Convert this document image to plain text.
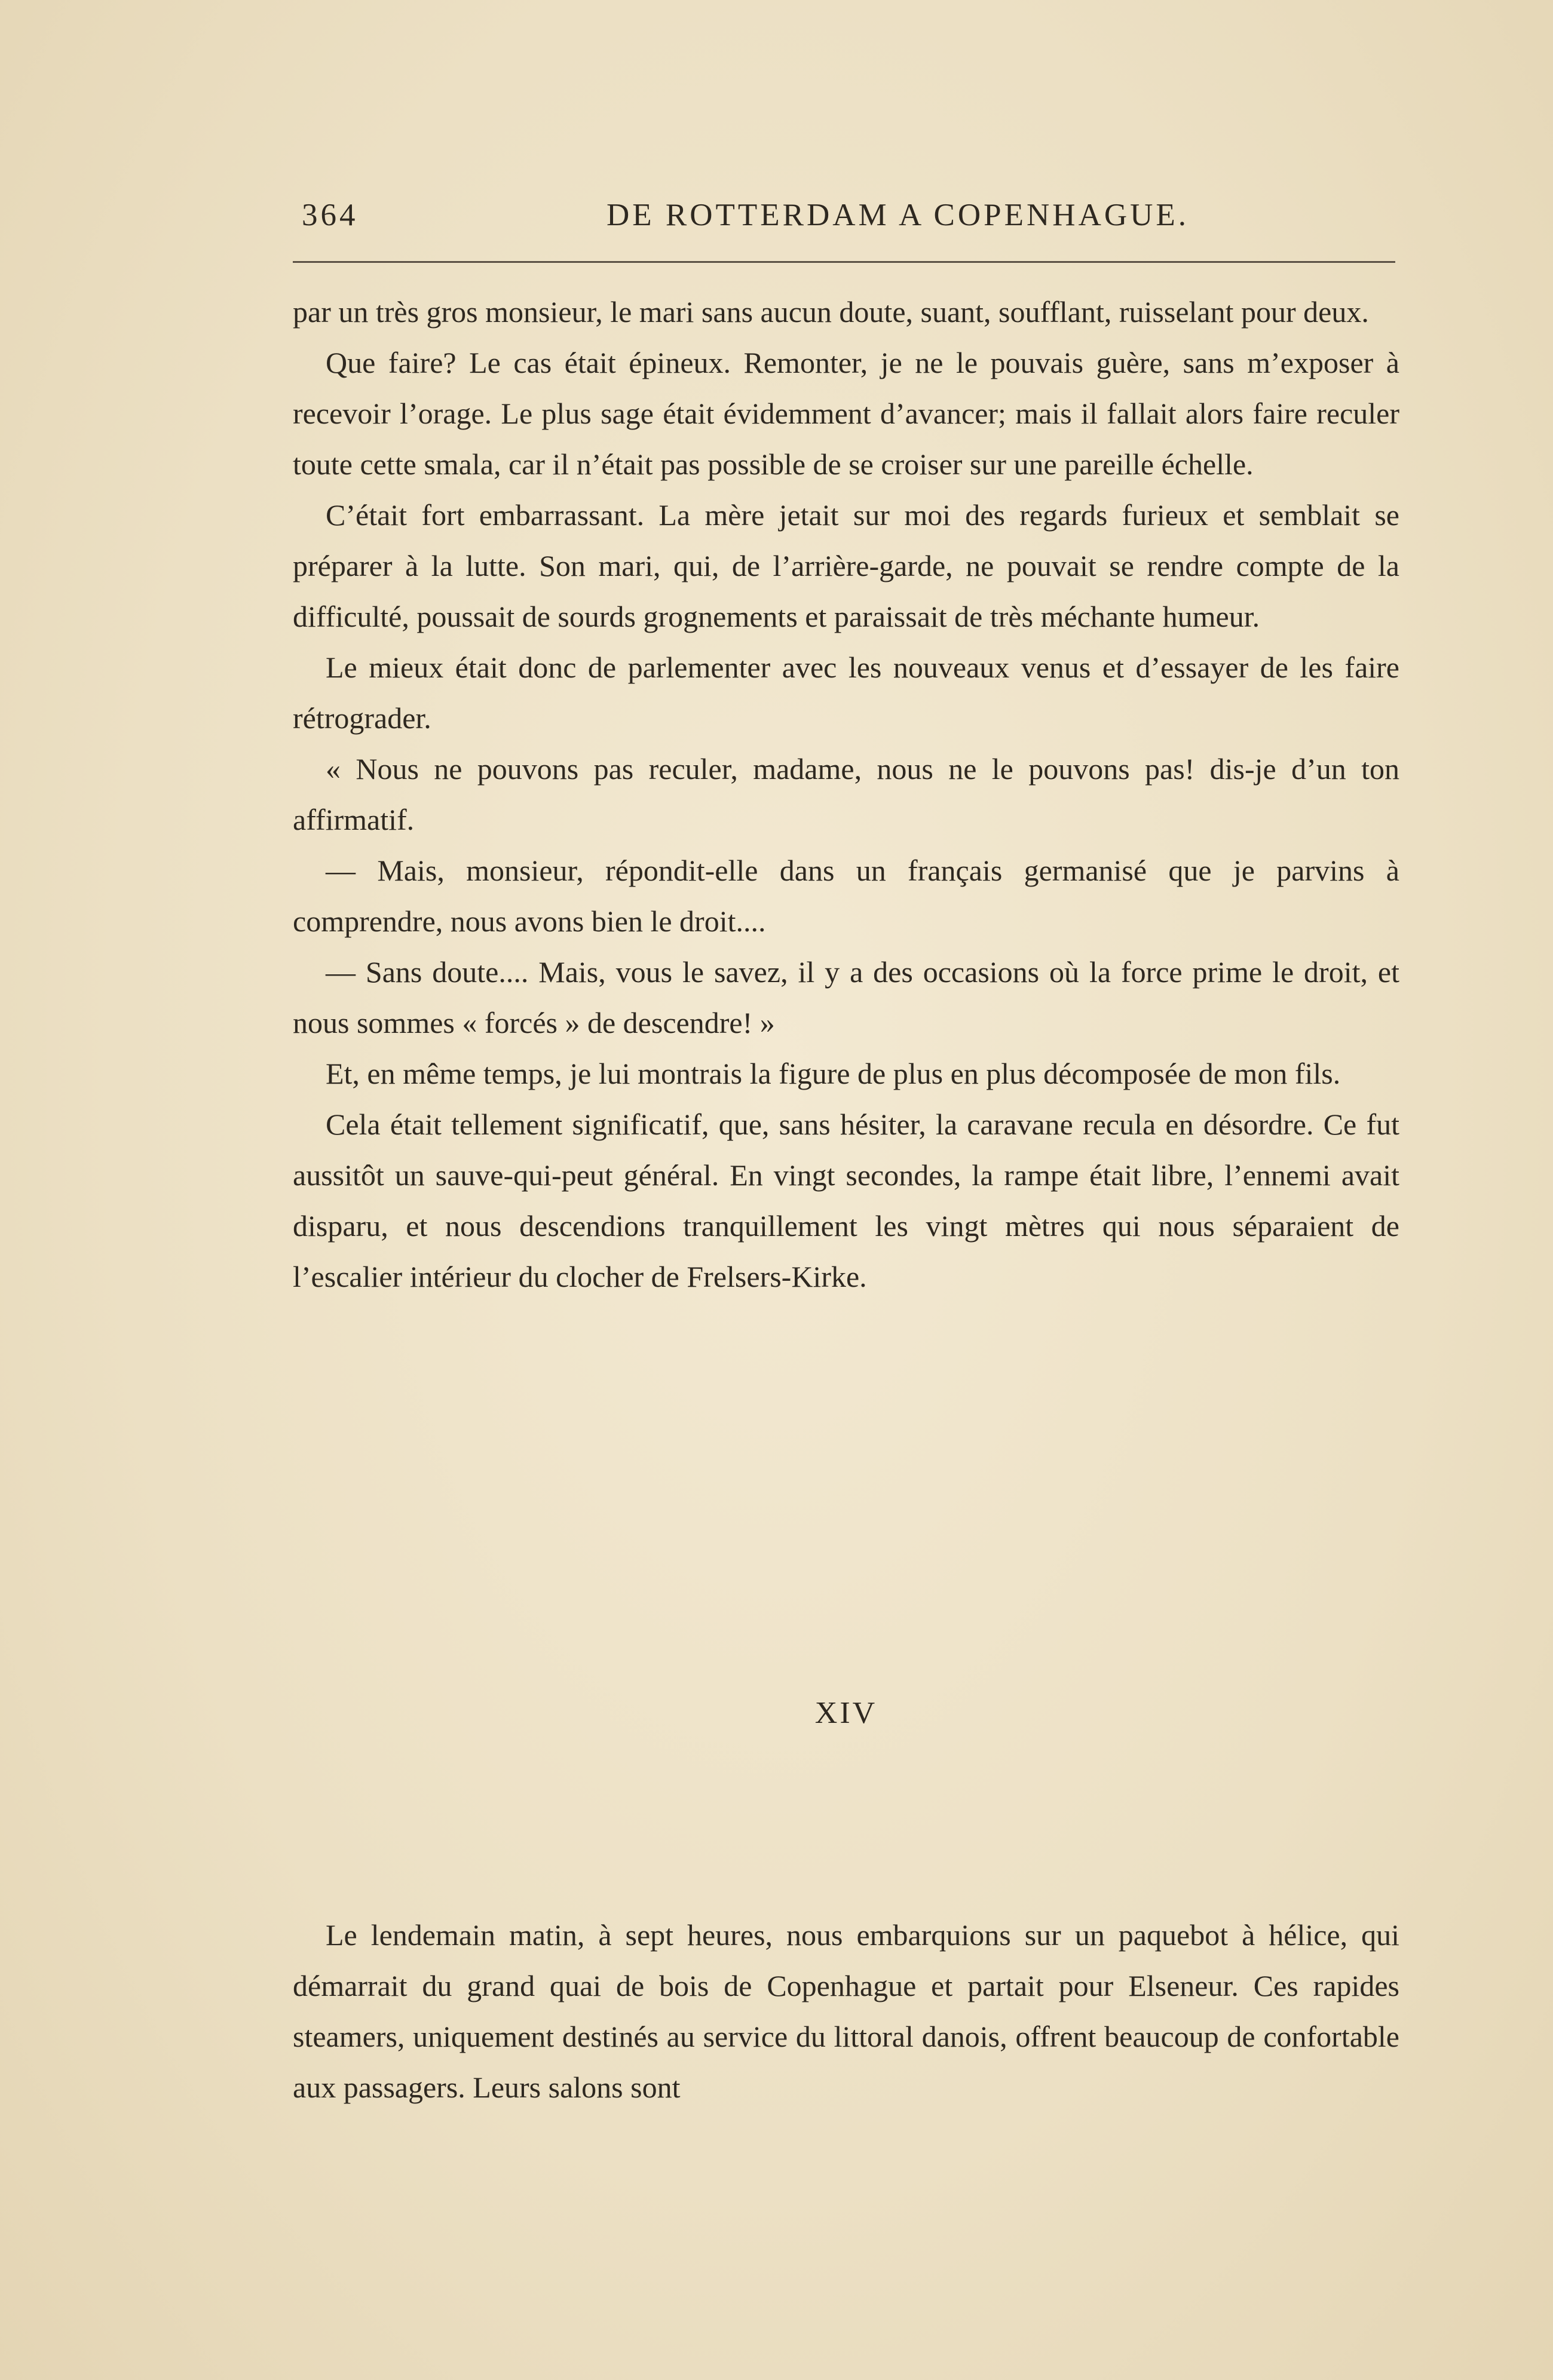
364	DE ROTTERDAM A COPENHAGUE.

par un très gros monsieur, le mari sans aucun doute, suant, soufflant, ruisselant pour deux.

Que faire? Le cas était épineux. Remonter, je ne le pouvais guère, sans m’exposer à recevoir l’orage. Le plus sage était évidemment d’avancer; mais il fallait alors faire reculer toute cette smala, car il n’était pas possible de se croiser sur une pareille échelle.

C’était fort embarrassant. La mère jetait sur moi des regards furieux et semblait se préparer à la lutte. Son mari, qui, de l’arrière-garde, ne pouvait se rendre compte de la difficulté, poussait de sourds grognements et paraissait de très méchante humeur.

Le mieux était donc de parlementer avec les nouveaux venus et d’essayer de les faire rétrograder.

« Nous ne pouvons pas reculer, madame, nous ne le pouvons pas! dis-je d’un ton affirmatif.

— Mais, monsieur, répondit-elle dans un français germanisé que je parvins à comprendre, nous avons bien le droit....

— Sans doute.... Mais, vous le savez, il y a des occasions où la force prime le droit, et nous sommes « forcés » de descendre! »

Et, en même temps, je lui montrais la figure de plus en plus décomposée de mon fils.

Cela était tellement significatif, que, sans hésiter, la caravane recula en désordre. Ce fut aussitôt un sauve-qui-peut général. En vingt secondes, la rampe était libre, l’ennemi avait disparu, et nous descendions tranquillement les vingt mètres qui nous séparaient de l’escalier intérieur du clocher de Frelsers-Kirke.

XIV

Le lendemain matin, à sept heures, nous embarquions sur un paquebot à hélice, qui démarrait du grand quai de bois de Copenhague et partait pour Elseneur. Ces rapides steamers, uniquement destinés au service du littoral danois, offrent beaucoup de confortable aux passagers. Leurs salons sont
